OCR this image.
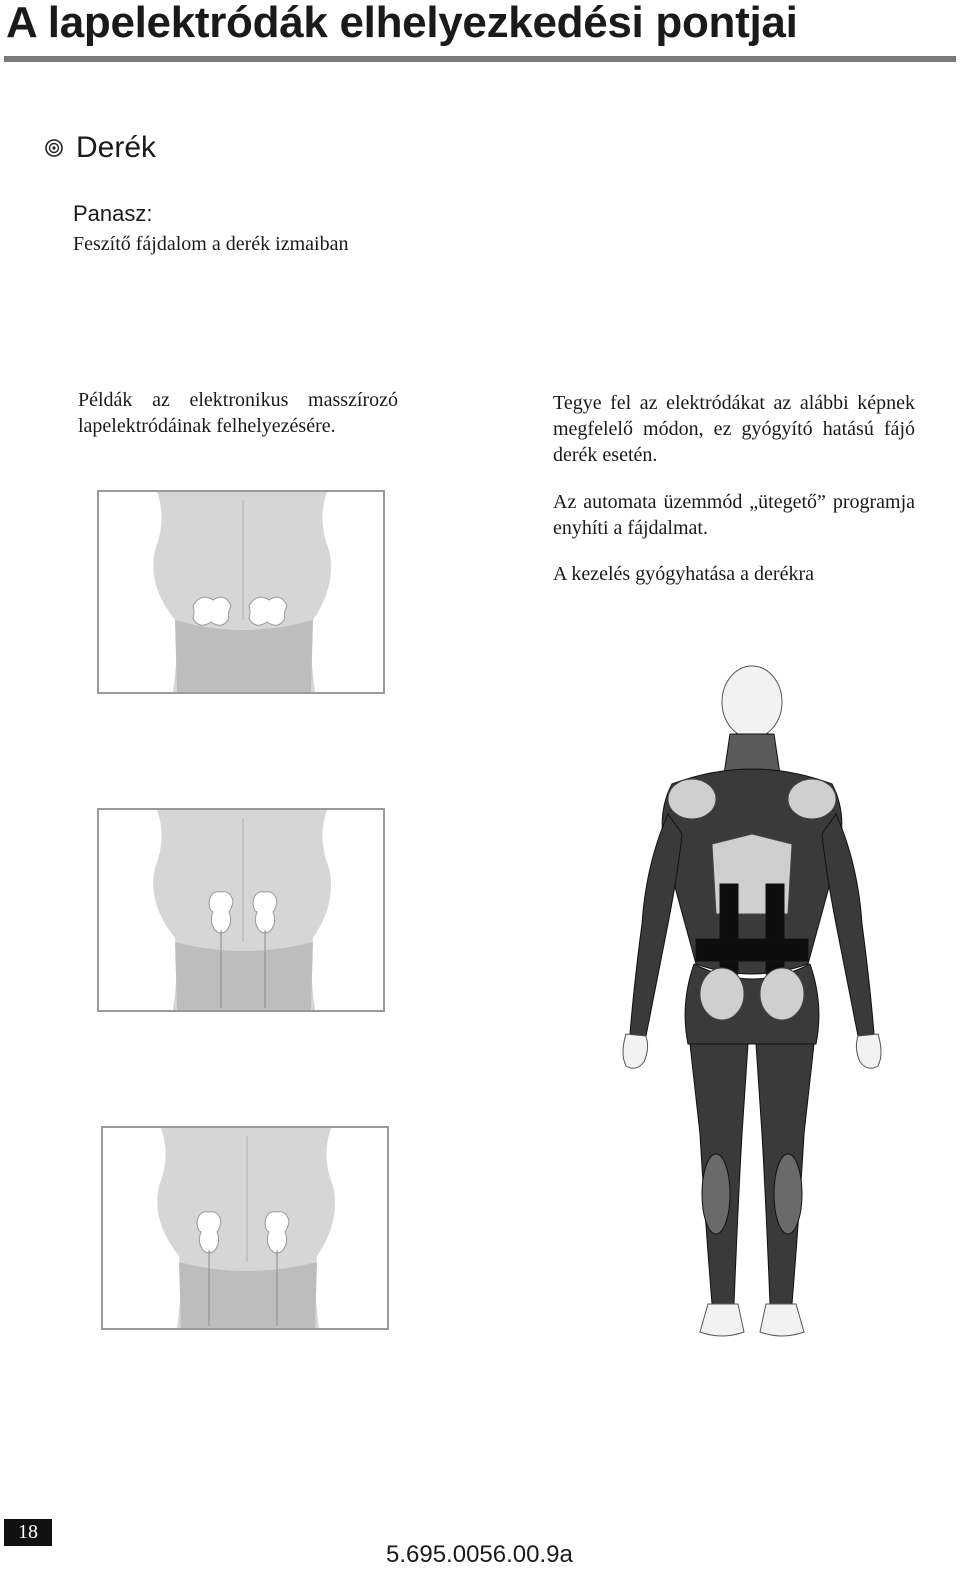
A lapelektródák elhelyezkedési pontjai
Derék
Panasz:
Feszítő fájdalom a derék izmaiban
Példák az elektronikus masszírozó lapelektródáinak felhelyezésére.
Tegye fel az elektródákat az alábbi képnek megfelelő módon, ez gyógyító hatású fájó derék esetén.
Az automata üzemmód „ütegető” programja enyhíti a fájdalmat.
A kezelés gyógyhatása a derékra
18
5.695.0056.00.9a
